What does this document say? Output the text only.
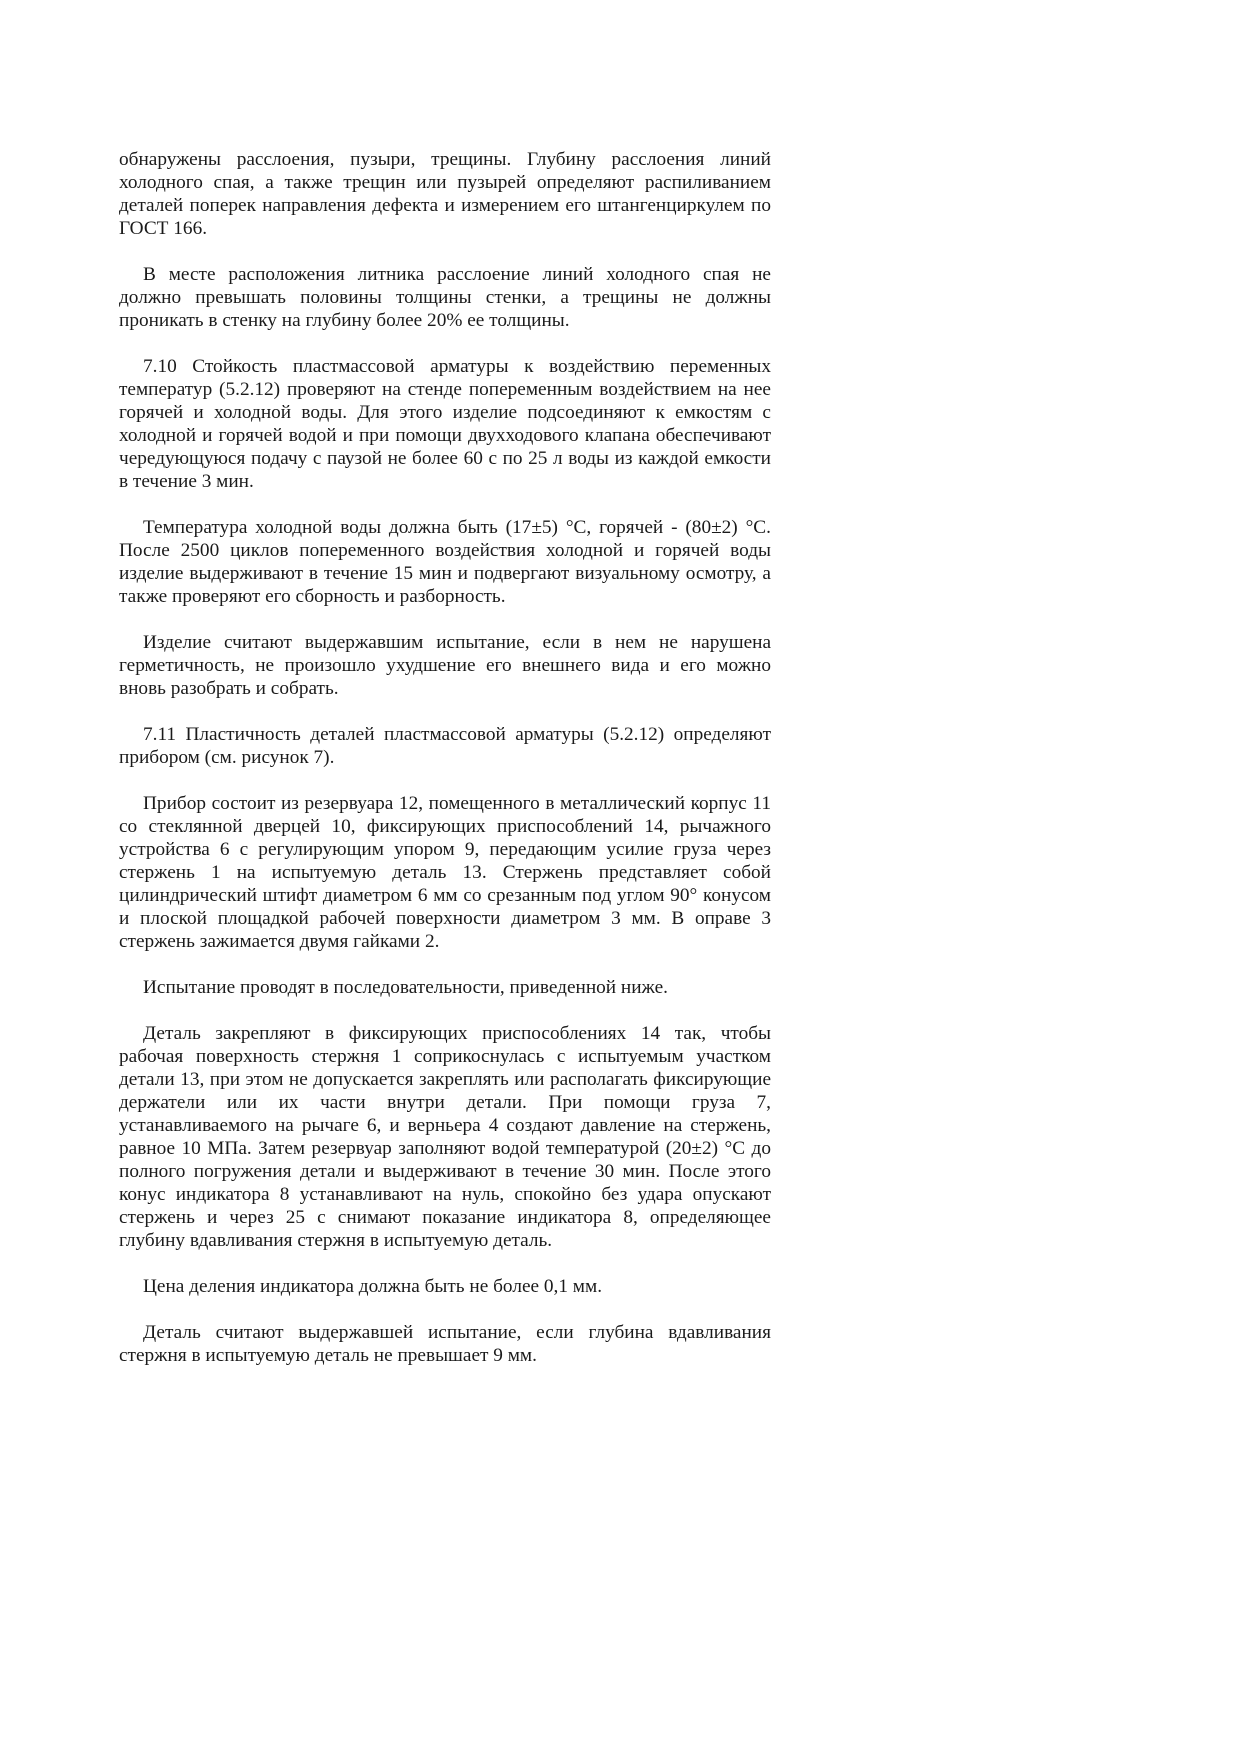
обнаружены расслоения, пузыри, трещины. Глубину расслоения линий холодного спая, а также трещин или пузырей определяют распиливанием деталей поперек направления дефекта и измерением его штангенциркулем по ГОСТ 166.

В месте расположения литника расслоение линий холодного спая не должно превышать половины толщины стенки, а трещины не должны проникать в стенку на глубину более 20% ее толщины.

7.10 Стойкость пластмассовой арматуры к воздействию переменных температур (5.2.12) проверяют на стенде попеременным воздействием на нее горячей и холодной воды. Для этого изделие подсоединяют к емкостям с холодной и горячей водой и при помощи двухходового клапана обеспечивают чередующуюся подачу с паузой не более 60 с по 25 л воды из каждой емкости в течение 3 мин.

Температура холодной воды должна быть (17±5) °С, горячей - (80±2) °С. После 2500 циклов попеременного воздействия холодной и горячей воды изделие выдерживают в течение 15 мин и подвергают визуальному осмотру, а также проверяют его сборность и разборность.

Изделие считают выдержавшим испытание, если в нем не нарушена герметичность, не произошло ухудшение его внешнего вида и его можно вновь разобрать и собрать.

7.11 Пластичность деталей пластмассовой арматуры (5.2.12) определяют прибором (см. рисунок 7).

Прибор состоит из резервуара 12, помещенного в металлический корпус 11 со стеклянной дверцей 10, фиксирующих приспособлений 14, рычажного устройства 6 с регулирующим упором 9, передающим усилие груза через стержень 1 на испытуемую деталь 13. Стержень представляет собой цилиндрический штифт диаметром 6 мм со срезанным под углом 90° конусом и плоской площадкой рабочей поверхности диаметром 3 мм. В оправе 3 стержень зажимается двумя гайками 2.

Испытание проводят в последовательности, приведенной ниже.

Деталь закрепляют в фиксирующих приспособлениях 14 так, чтобы рабочая поверхность стержня 1 соприкоснулась с испытуемым участком детали 13, при этом не допускается закреплять или располагать фиксирующие держатели или их части внутри детали. При помощи груза 7, устанавливаемого на рычаге 6, и верньера 4 создают давление на стержень, равное 10 МПа. Затем резервуар заполняют водой температурой (20±2) °С до полного погружения детали и выдерживают в течение 30 мин. После этого конус индикатора 8 устанавливают на нуль, спокойно без удара опускают стержень и через 25 с снимают показание индикатора 8, определяющее глубину вдавливания стержня в испытуемую деталь.

Цена деления индикатора должна быть не более 0,1 мм.

Деталь считают выдержавшей испытание, если глубина вдавливания стержня в испытуемую деталь не превышает 9 мм.
